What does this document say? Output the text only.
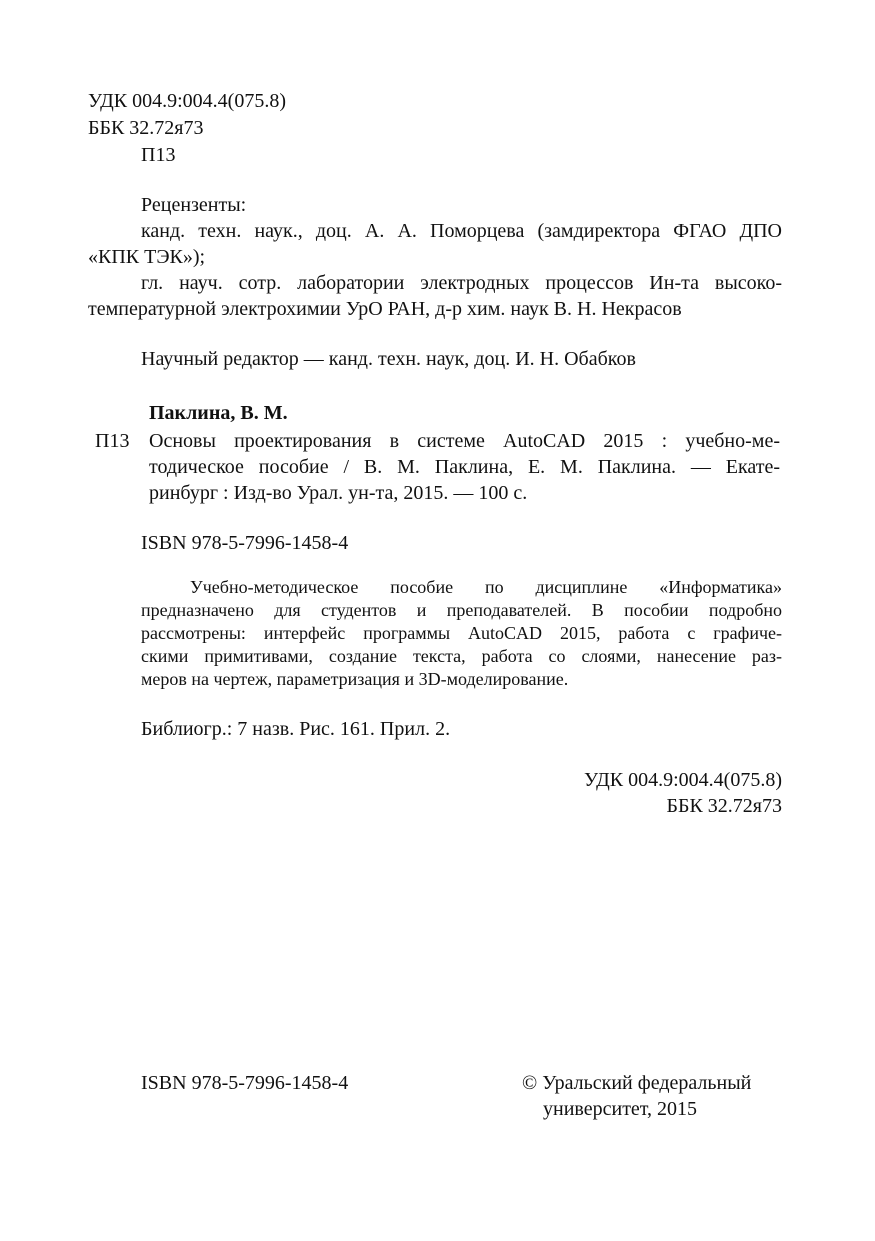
УДК 004.9:004.4(075.8)
ББК 32.72я73
П13
Рецензенты:
канд. техн. наук., доц. А. А. Поморцева (замдиректора ФГАО ДПО
«КПК ТЭК»);
гл. науч. сотр. лаборатории электродных процессов Ин-та высоко-
температурной электрохимии УрО РАН, д-р хим. наук В. Н. Некрасов
Научный редактор — канд. техн. наук, доц. И. Н. Обабков
Паклина, В. М.
П13 Основы проектирования в системе AutoCAD 2015 : учебно-ме-
тодическое пособие / В. М. Паклина, Е. М. Паклина. — Екате-
ринбург : Изд-во Урал. ун-та, 2015. — 100 с.
ISBN 978-5-7996-1458-4
Учебно-методическое пособие по дисциплине «Информатика»
предназначено для студентов и преподавателей. В пособии подробно
рассмотрены: интерфейс программы AutoCAD 2015, работа с графиче-
скими примитивами, создание текста, работа со слоями, нанесение раз-
меров на чертеж, параметризация и 3D-моделирование.
Библиогр.: 7 назв. Рис. 161. Прил. 2.
УДК 004.9:004.4(075.8)
ББК 32.72я73
ISBN 978-5-7996-1458-4	© Уральский федеральный
университет, 2015
